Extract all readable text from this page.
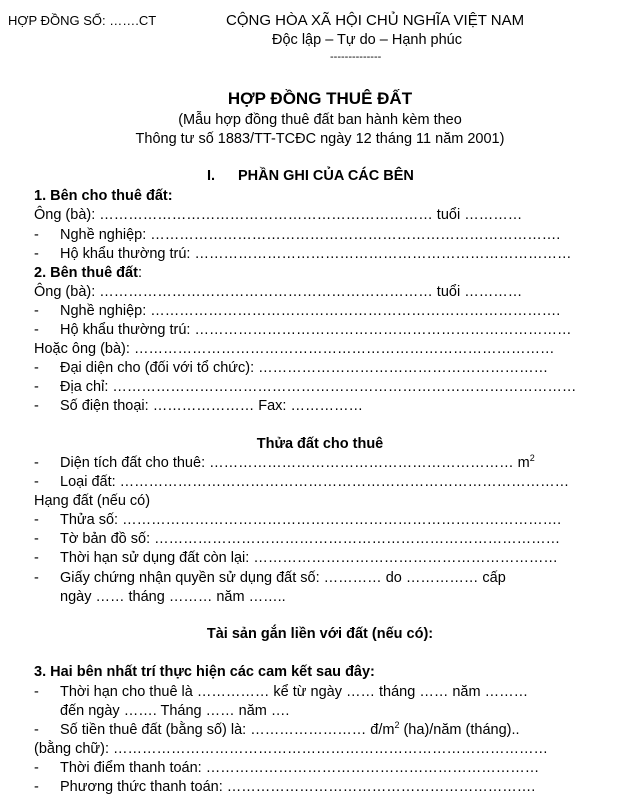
HỢP ĐỒNG SỐ: …….CT	CỘNG HÒA XÃ HỘI CHỦ NGHĨA VIỆT NAM
Độc lập – Tự do – Hạnh phúc
--------------
HỢP ĐỒNG THUÊ ĐẤT
(Mẫu hợp đồng thuê đất ban hành kèm theo
Thông tư số 1883/TT-TCĐC ngày 12 tháng 11 năm 2001)
I. PHẦN GHI CỦA CÁC BÊN
1. Bên cho thuê đất:
Ông (bà): …………………………………………………………… tuổi …………
- Nghề nghiệp: ………………………………………………………………………….
- Hộ khẩu thường trú: ……………………………………………………………………
2. Bên thuê đất:
Ông (bà): …………………………………………………………… tuổi …………
- Nghề nghiệp: ………………………………………………………………………….
- Hộ khẩu thường trú: ……………………………………………………………………
Hoặc ông (bà): ……………………………………………………………………………
- Đại diện cho (đối với tổ chức): ……………………………………………………
- Địa chỉ: ……………………………………………………………………………………
- Số điện thoại: ………………… Fax: ……………
Thửa đất cho thuê
- Diện tích đất cho thuê: ……………………………………………………… $m^2$
- Loại đất: …………………………………………………………………………………
Hạng đất (nếu có)
- Thửa số: ……………………………………………………………………………….
- Tờ bản đồ số: …………………………………………………………………………
- Thời hạn sử dụng đất còn lại: ………………………………………………………
- Giấy chứng nhận quyền sử dụng đất số: ………… do …………… cấp
ngày …… tháng ……… năm ……..
Tài sản gắn liền với đất (nếu có):
3. Hai bên nhất trí thực hiện các cam kết sau đây:
- Thời hạn cho thuê là …………… kể từ ngày …… tháng …… năm ………
đến ngày ……. Tháng …… năm ….
- Số tiền thuê đất (bằng số) là: …………………… $đ/m^2$ (ha)/năm (tháng)..
(bằng chữ): ………………………………………………………………………………
- Thời điểm thanh toán: ……………………………………………………………
- Phương thức thanh toán: ……………………………………………………….
